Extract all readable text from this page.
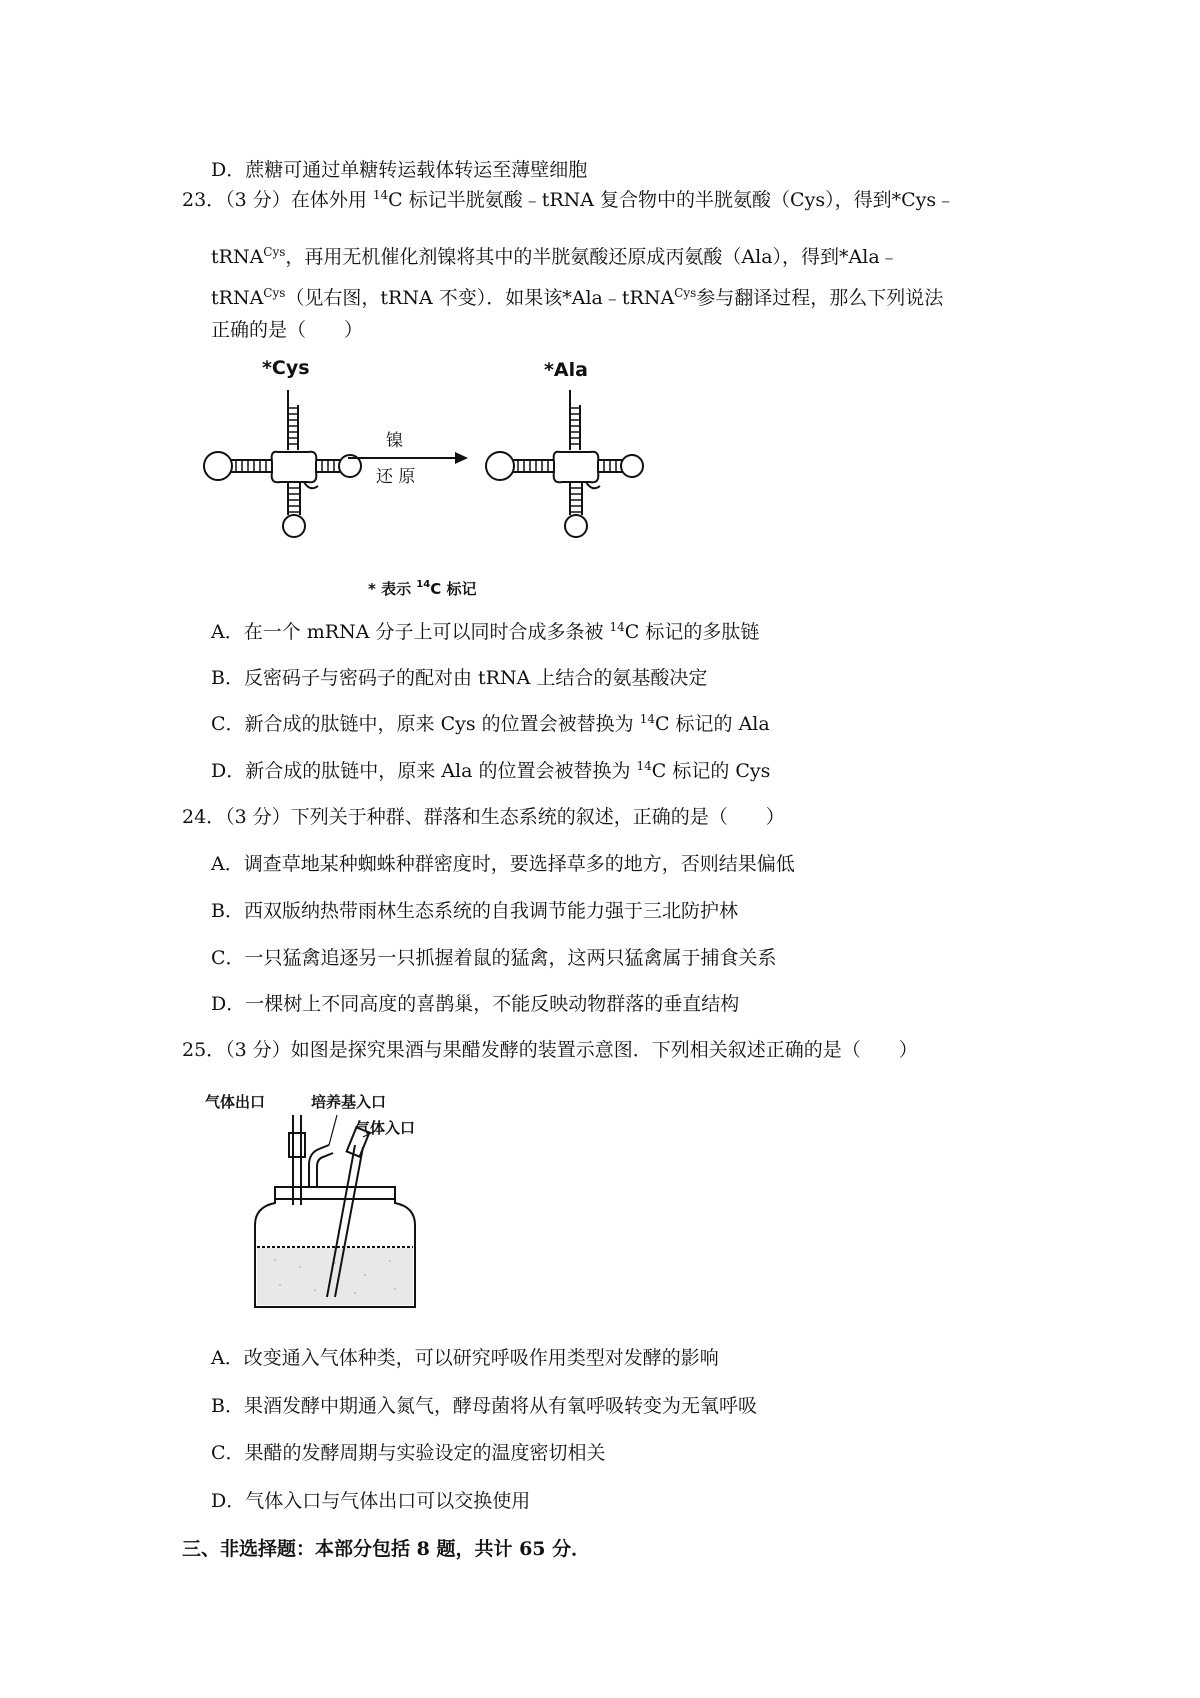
D．蔗糖可通过单糖转运载体转运至薄壁细胞
23．（3 分）在体外用 $^{14}$C 标记半胱氨酸﹣tRNA 复合物中的半胱氨酸（Cys），得到*Cys﹣
tRNA$^{Cys}$，再用无机催化剂镍将其中的半胱氨酸还原成丙氨酸（Ala），得到*Ala﹣
tRNA$^{Cys}$（见右图，tRNA 不变）．如果该*Ala﹣tRNA$^{Cys}$参与翻译过程，那么下列说法
正确的是（　　）
*Cys
镍
还 原
*Ala
* 表示 $^{14}$C 标记
A．在一个 mRNA 分子上可以同时合成多条被 $^{14}$C 标记的多肽链
B．反密码子与密码子的配对由 tRNA 上结合的氨基酸决定
C．新合成的肽链中，原来 Cys 的位置会被替换为 $^{14}$C 标记的 Ala
D．新合成的肽链中，原来 Ala 的位置会被替换为 $^{14}$C 标记的 Cys
24．（3 分）下列关于种群、群落和生态系统的叙述，正确的是（　　）
A．调查草地某种蜘蛛种群密度时，要选择草多的地方，否则结果偏低
B．西双版纳热带雨林生态系统的自我调节能力强于三北防护林
C．一只猛禽追逐另一只抓握着鼠的猛禽，这两只猛禽属于捕食关系
D．一棵树上不同高度的喜鹊巢，不能反映动物群落的垂直结构
25．（3 分）如图是探究果酒与果醋发酵的装置示意图．下列相关叙述正确的是（　　）
气体出口	培养基入口
气体入口
A．改变通入气体种类，可以研究呼吸作用类型对发酵的影响
B．果酒发酵中期通入氮气，酵母菌将从有氧呼吸转变为无氧呼吸
C．果醋的发酵周期与实验设定的温度密切相关
D．气体入口与气体出口可以交换使用
三、非选择题：本部分包括 8 题，共计 65 分．
